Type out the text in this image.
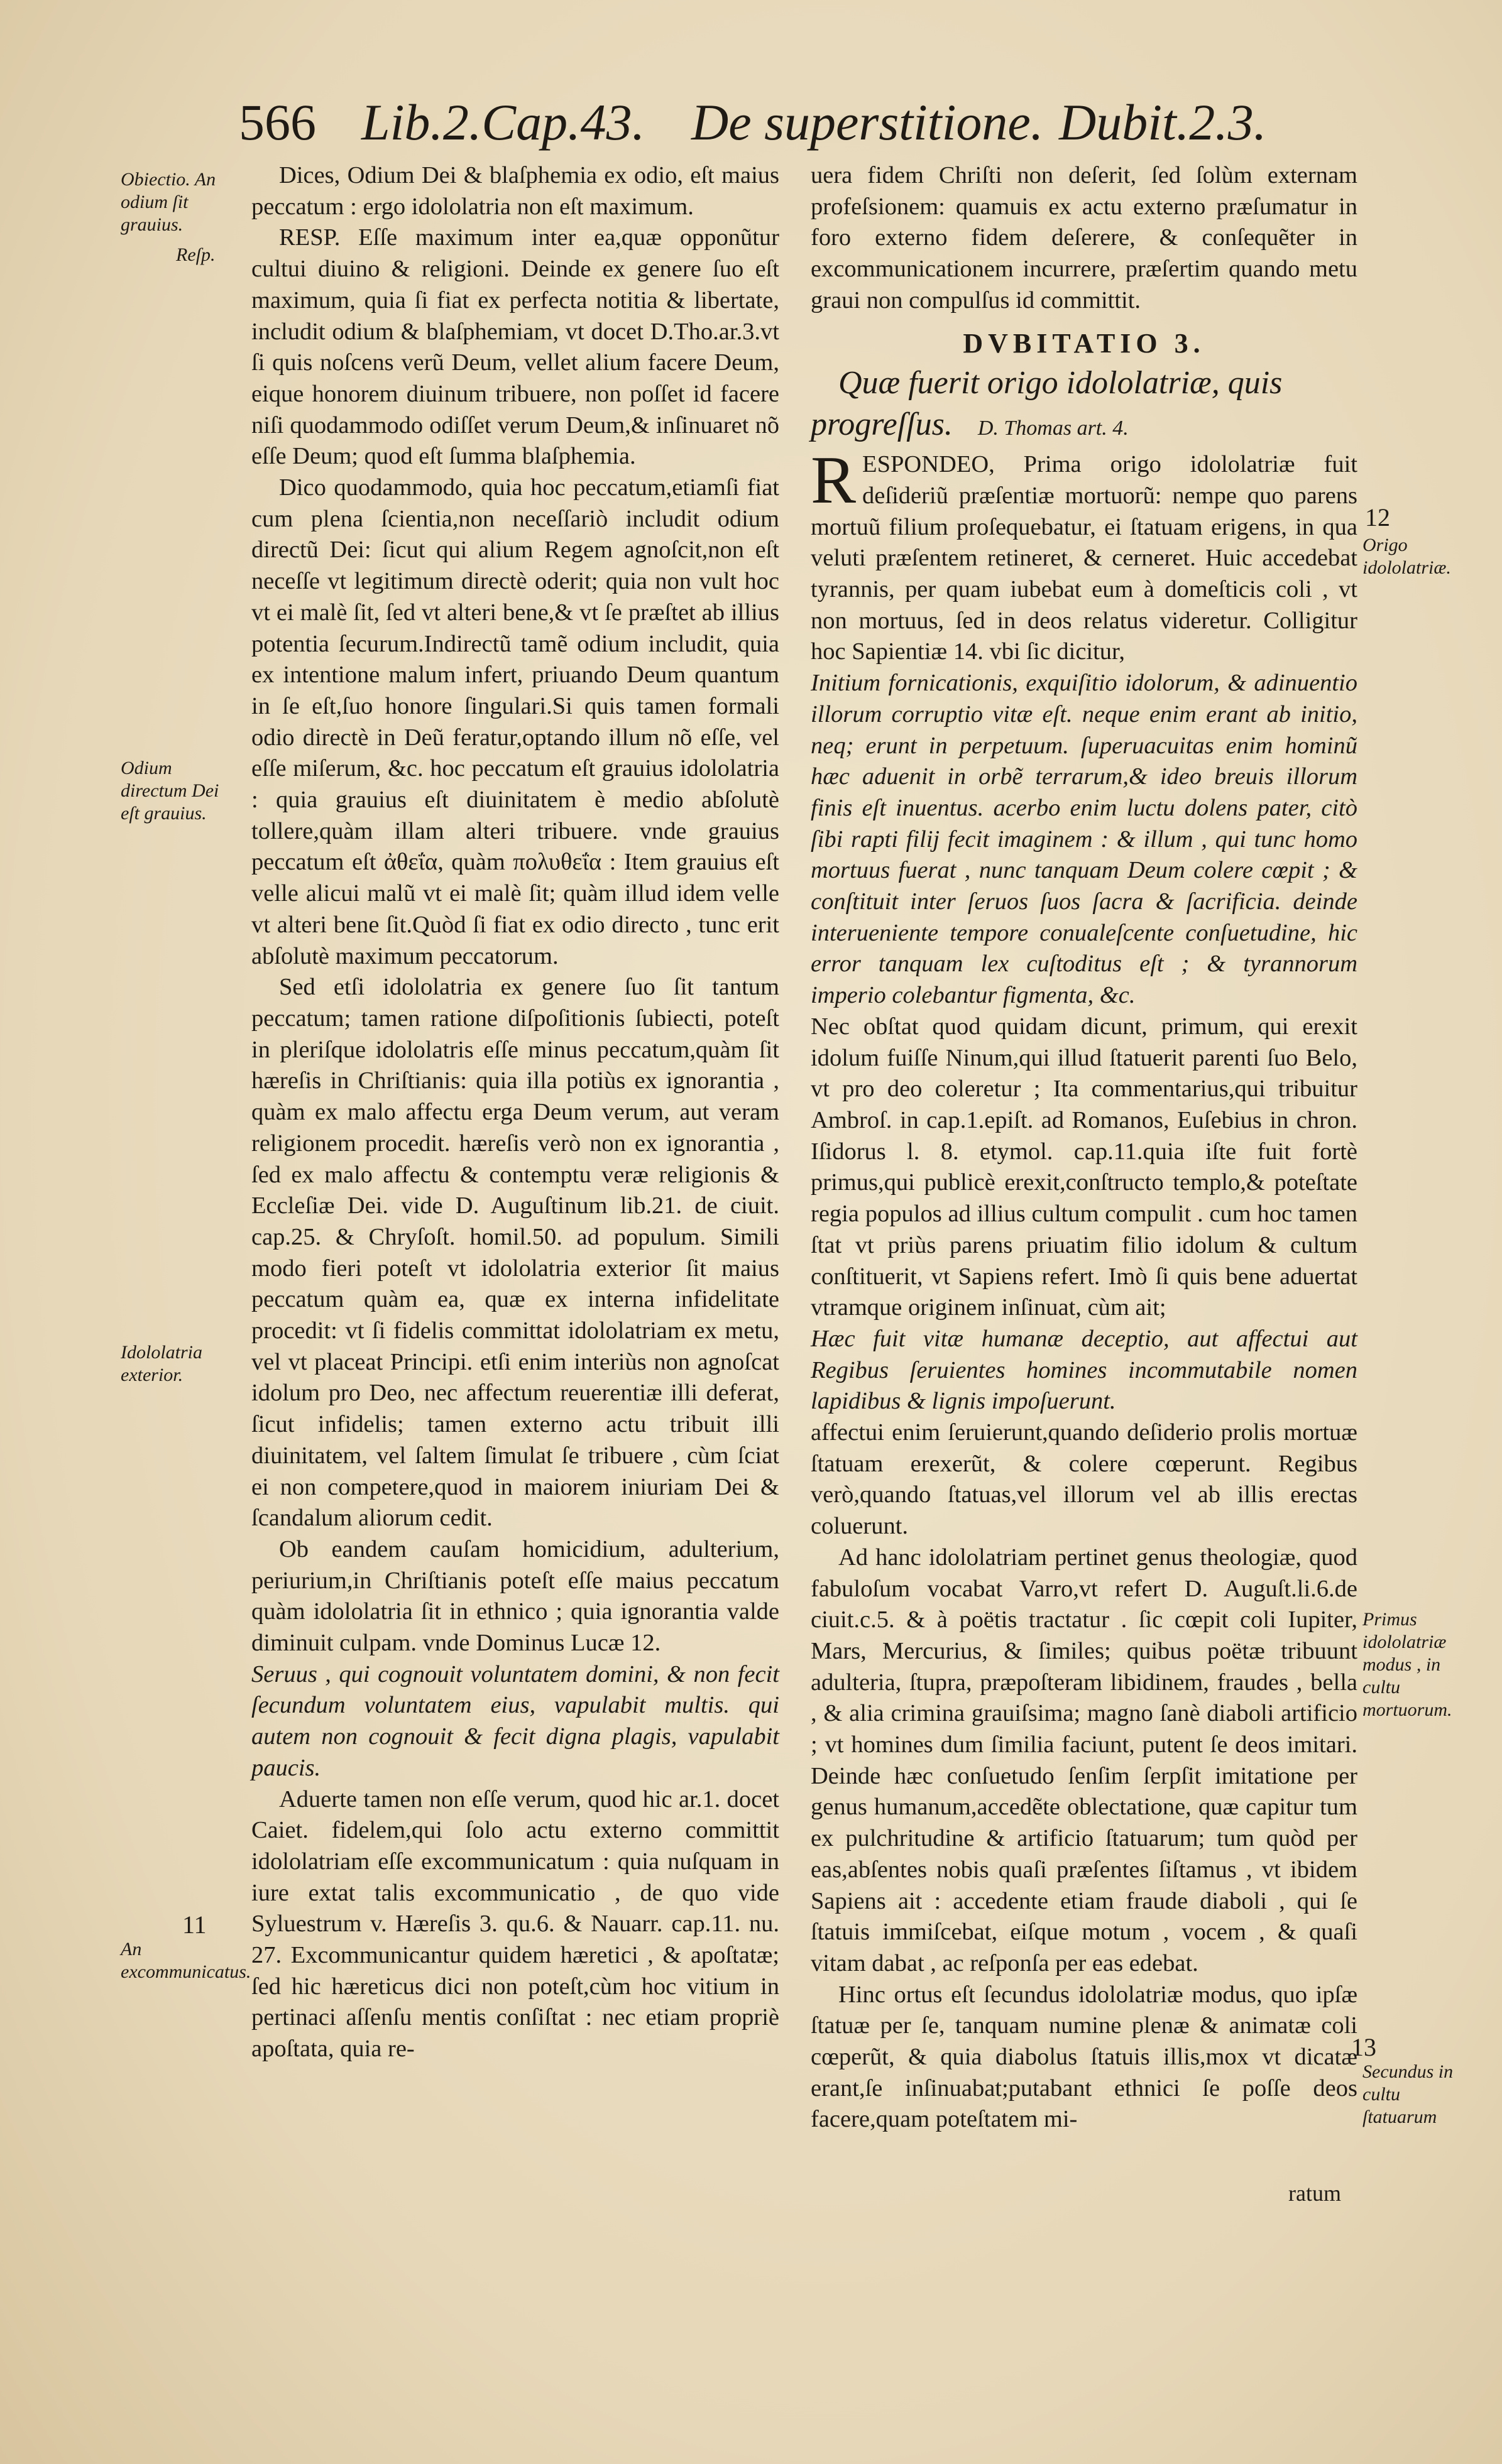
566 Lib.2.Cap.43. De superstitione. Dubit.2.3.
Obiectio. An odium ſit grauius.
Reſp.
Odium directum Dei eſt grauius.
Idololatria exterior.
11
An excommunicatus.
12
Origo idololatriæ.
Primus idololatriæ modus , in cultu mortuorum.
13
Secundus in cultu ſtatuarum

Dices, Odium Dei & blaſphemia ex odio, eſt maius peccatum : ergo idololatria non eſt maximum.

RESP. Eſſe maximum inter ea,quæ opponũtur cultui diuino & religioni. Deinde ex genere ſuo eſt maximum, quia ſi fiat ex perfecta notitia & libertate, includit odium & blaſphemiam, vt docet D.Tho.ar.3.vt ſi quis noſcens verũ Deum, vellet alium facere Deum, eique honorem diuinum tribuere, non poſſet id facere niſi quodammodo odiſſet verum Deum,& inſinuaret nõ eſſe Deum; quod eſt ſumma blaſphemia.

Dico quodammodo, quia hoc peccatum,etiamſi fiat cum plena ſcientia,non neceſſariò includit odium directũ Dei: ſicut qui alium Regem agnoſcit,non eſt neceſſe vt legitimum directè oderit; quia non vult hoc vt ei malè ſit, ſed vt alteri bene,& vt ſe præſtet ab illius potentia ſecurum.Indirectũ tamẽ odium includit, quia ex intentione malum infert, priuando Deum quantum in ſe eſt,ſuo honore ſingulari.Si quis tamen formali odio directè in Deũ feratur,optando illum nõ eſſe, vel eſſe miſerum, &c. hoc peccatum eſt grauius idololatria : quia grauius eſt diuinitatem è medio abſolutè tollere,quàm illam alteri tribuere. vnde grauius peccatum eſt ἀθεΐα, quàm πολυθεΐα : Item grauius eſt velle alicui malũ vt ei malè ſit; quàm illud idem velle vt alteri bene ſit.Quòd ſi fiat ex odio directo , tunc erit abſolutè maximum peccatorum.

Sed etſi idololatria ex genere ſuo ſit tantum peccatum; tamen ratione diſpoſitionis ſubiecti, poteſt in pleriſque idololatris eſſe minus peccatum,quàm ſit hæreſis in Chriſtianis: quia illa potiùs ex ignorantia , quàm ex malo affectu erga Deum verum, aut veram religionem procedit. hæreſis verò non ex ignorantia , ſed ex malo affectu & contemptu veræ religionis & Eccleſiæ Dei. vide D. Auguſtinum lib.21. de ciuit. cap.25. & Chryſoſt. homil.50. ad populum. Simili modo fieri poteſt vt idololatria exterior ſit maius peccatum quàm ea, quæ ex interna infidelitate procedit: vt ſi fidelis committat idololatriam ex metu, vel vt placeat Principi. etſi enim interiùs non agnoſcat idolum pro Deo, nec affectum reuerentiæ illi deferat, ſicut infidelis; tamen externo actu tribuit illi diuinitatem, vel ſaltem ſimulat ſe tribuere , cùm ſciat ei non competere,quod in maiorem iniuriam Dei & ſcandalum aliorum cedit.

Ob eandem cauſam homicidium, adulterium, periurium,in Chriſtianis poteſt eſſe maius peccatum quàm idololatria ſit in ethnico ; quia ignorantia valde diminuit culpam. vnde Dominus Lucæ 12.

Seruus , qui cognouit voluntatem domini, & non fecit ſecundum voluntatem eius, vapulabit multis. qui autem non cognouit & fecit digna plagis, vapulabit paucis.

Aduerte tamen non eſſe verum, quod hic ar.1. docet Caiet. fidelem,qui ſolo actu externo committit idololatriam eſſe excommunicatum : quia nuſquam in iure extat talis excommunicatio , de quo vide Syluestrum v. Hæreſis 3. qu.6. & Nauarr. cap.11. nu. 27. Excommunicantur quidem hæretici , & apoſtatæ; ſed hic hæreticus dici non poteſt,cùm hoc vitium in pertinaci aſſenſu mentis conſiſtat : nec etiam propriè apoſtata, quia re-

uera fidem Chriſti non deſerit, ſed ſolùm externam profeſsionem: quamuis ex actu externo præſumatur in foro externo fidem deſerere, & conſequẽter in excommunicationem incurrere, præſertim quando metu graui non compulſus id committit.

DVBITATIO 3.

Quæ fuerit origo idololatriæ, quis progreſſus. D. Thomas art. 4.

RESPONDEO, Prima origo idololatriæ fuit deſideriũ præſentiæ mortuorũ: nempe quo parens mortuũ filium proſequebatur, ei ſtatuam erigens, in qua veluti præſentem retineret, & cerneret. Huic accedebat tyrannis, per quam iubebat eum à domeſticis coli , vt non mortuus, ſed in deos relatus videretur. Colligitur hoc Sapientiæ 14. vbi ſic dicitur,

Initium fornicationis, exquiſitio idolorum, & adinuentio illorum corruptio vitæ eſt. neque enim erant ab initio, neq; erunt in perpetuum. ſuperuacuitas enim hominũ hæc aduenit in orbẽ terrarum,& ideo breuis illorum finis eſt inuentus. acerbo enim luctu dolens pater, citò ſibi rapti filij fecit imaginem : & illum , qui tunc homo mortuus fuerat , nunc tanquam Deum colere cœpit ; & conſtituit inter ſeruos ſuos ſacra & ſacrificia. deinde interueniente tempore conualeſcente conſuetudine, hic error tanquam lex cuſtoditus eſt ; & tyrannorum imperio colebantur figmenta, &c.

Nec obſtat quod quidam dicunt, primum, qui erexit idolum fuiſſe Ninum,qui illud ſtatuerit parenti ſuo Belo, vt pro deo coleretur ; Ita commentarius,qui tribuitur Ambroſ. in cap.1.epiſt. ad Romanos, Euſebius in chron. Iſidorus l. 8. etymol. cap.11.quia iſte fuit fortè primus,qui publicè erexit,conſtructo templo,& poteſtate regia populos ad illius cultum compulit . cum hoc tamen ſtat vt priùs parens priuatim filio idolum & cultum conſtituerit, vt Sapiens refert. Imò ſi quis bene aduertat vtramque originem inſinuat, cùm ait;

Hæc fuit vitæ humanæ deceptio, aut affectui aut Regibus ſeruientes homines incommutabile nomen lapidibus & lignis impoſuerunt.

affectui enim ſeruierunt,quando deſiderio prolis mortuæ ſtatuam erexerũt, & colere cœperunt. Regibus verò,quando ſtatuas,vel illorum vel ab illis erectas coluerunt.

Ad hanc idololatriam pertinet genus theologiæ, quod fabuloſum vocabat Varro,vt refert D. Auguſt.li.6.de ciuit.c.5. & à poëtis tractatur . ſic cœpit coli Iupiter, Mars, Mercurius, & ſimiles; quibus poëtæ tribuunt adulteria, ſtupra, præpoſteram libidinem, fraudes , bella , & alia crimina grauiſsima; magno ſanè diaboli artificio ; vt homines dum ſimilia faciunt, putent ſe deos imitari. Deinde hæc conſuetudo ſenſim ſerpſit imitatione per genus humanum,accedẽte oblectatione, quæ capitur tum ex pulchritudine & artificio ſtatuarum; tum quòd per eas,abſentes nobis quaſi præſentes ſiſtamus , vt ibidem Sapiens ait : accedente etiam fraude diaboli , qui ſe ſtatuis immiſcebat, eiſque motum , vocem , & quaſi vitam dabat , ac reſponſa per eas edebat.

Hinc ortus eſt ſecundus idololatriæ modus, quo ipſæ ſtatuæ per ſe, tanquam numine plenæ & animatæ coli cœperũt, & quia diabolus ſtatuis illis,mox vt dicatæ erant,ſe inſinuabat;putabant ethnici ſe poſſe deos facere,quam poteſtatem mi-

ratum
